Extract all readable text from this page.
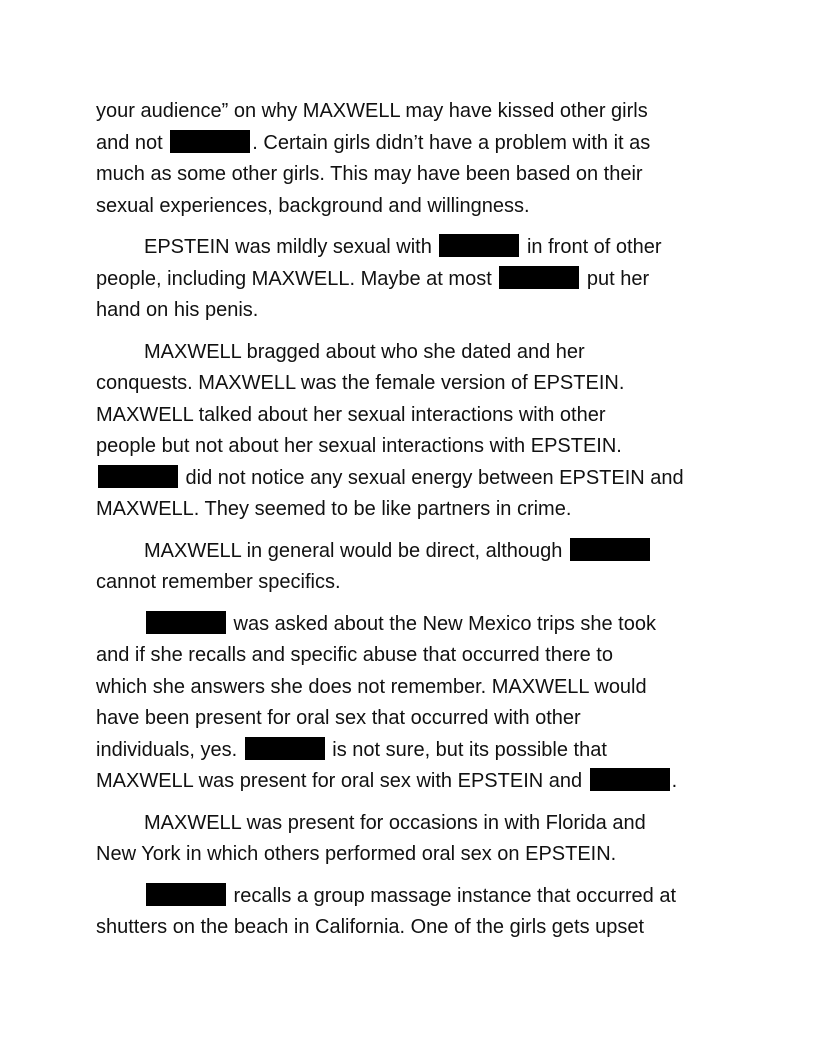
your audience” on why MAXWELL may have kissed other girls
and not	. Certain girls didn’t have a problem with it as
much as some other girls. This may have been based on their
sexual experiences, background and willingness.

EPSTEIN was mildly sexual with	in front of other
people, including MAXWELL. Maybe at most	put her
hand on his penis.

MAXWELL bragged about who she dated and her
conquests. MAXWELL was the female version of EPSTEIN.
MAXWELL talked about her sexual interactions with other
people but not about her sexual interactions with EPSTEIN.
did not notice any sexual energy between EPSTEIN and
MAXWELL. They seemed to be like partners in crime.

MAXWELL in general would be direct, although
cannot remember specifics.

was asked about the New Mexico trips she took
and if she recalls and specific abuse that occurred there to
which she answers she does not remember. MAXWELL would
have been present for oral sex that occurred with other
individuals, yes.	is not sure, but its possible that
MAXWELL was present for oral sex with EPSTEIN and	.

MAXWELL was present for occasions in with Florida and
New York in which others performed oral sex on EPSTEIN.

recalls a group massage instance that occurred at
shutters on the beach in California. One of the girls gets upset
